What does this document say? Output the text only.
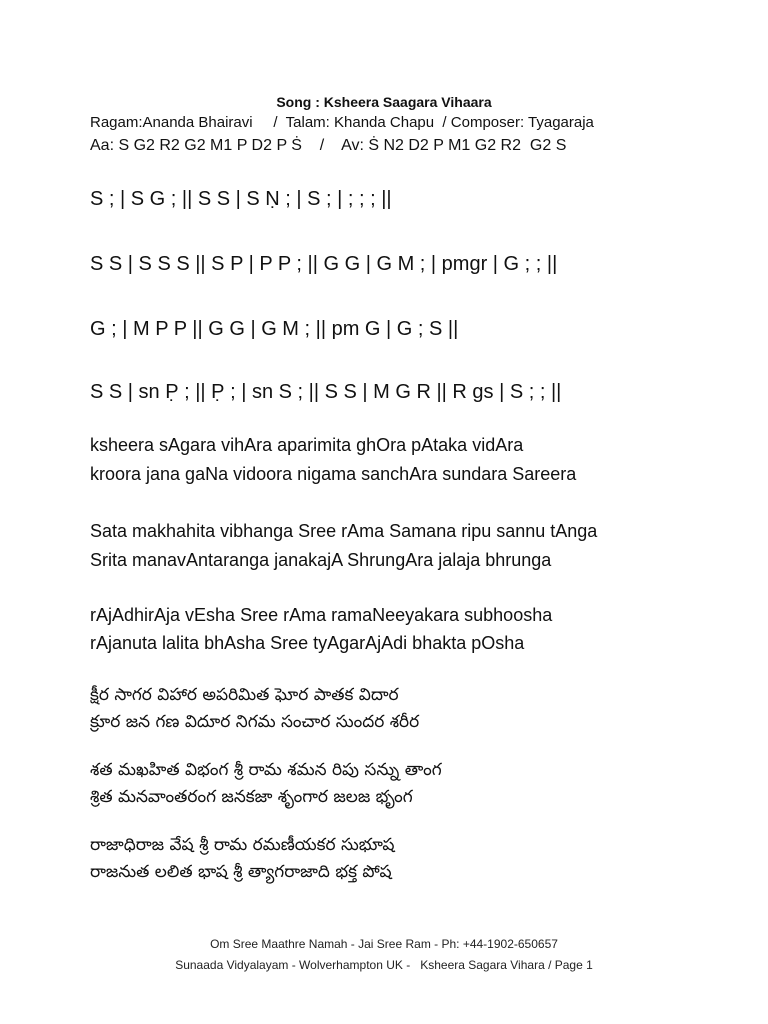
Song : Ksheera Saagara Vihaara
Ragam:Ananda Bhairavi     /  Talam: Khanda Chapu  / Composer: Tyagaraja
Aa: S G2 R2 G2 M1 P D2 P Ṡ    /    Av: Ṡ N2 D2 P M1 G2 R2  G2 S
S ; | S G ; || S S | S Ṇ ; | S ; | ; ; ; ||
S S | S S S || S P | P P ; || G G | G M ; | pmgr | G ; ; ||
G ; | M P P || G G | G M ; || pm G | G ; S ||
S S | sn P̣ ; || P̣ ; | sn S ; || S S | M G R || R gs | S ; ; ||
ksheera sAgara vihAra aparimita ghOra pAtaka vidAra
kroora jana gaNa vidoora nigama sanchAra sundara Sareera
Sata makhahita vibhanga Sree rAma Samana ripu sannu tAnga
Srita manavAntaranga janakajA ShrungAra jalaja bhrunga
rAjAdhirAja vEsha Sree rAma ramaNeeyakara subhoosha
rAjanuta lalita bhAsha Sree tyAgarAjAdi bhakta pOsha
క్షీర సాగర విహార అపరిమిత ఘోర పాతక విదార
క్రూర జన గణ విదూర నిగమ సంచార సుందర శరీర
శత మఖహిత విభంగ శ్రీ రామ శమన రిపు సన్ను తాంగ
శ్రిత మనవాంతరంగ జనకజా శృంగార జలజ భృంగ
రాజాధిరాజ వేష శ్రీ రామ రమణీయకర సుభూష
రాజనుత లలిత భాష శ్రీ త్యాగరాజాది భక్త పోష
Om Sree Maathre Namah - Jai Sree Ram - Ph: +44-1902-650657
Sunaada Vidyalayam - Wolverhampton UK -   Ksheera Sagara Vihara / Page 1
